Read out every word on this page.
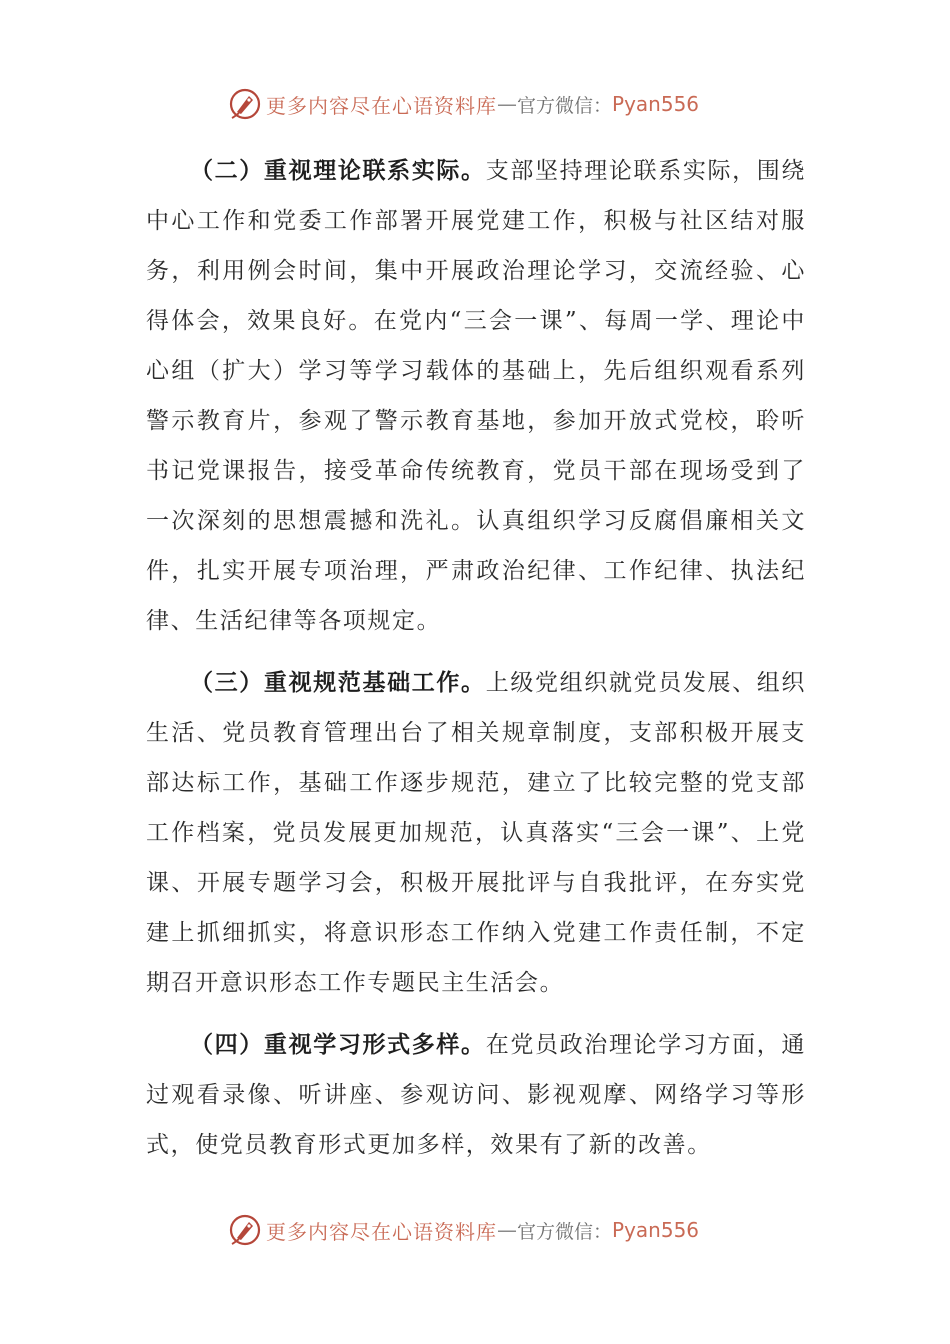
更多内容尽在心语资料库 — 官方微信： Pyan556

（二）重视理论联系实际。支部坚持理论联系实际，围绕中心工作和党委工作部署开展党建工作，积极与社区结对服务，利用例会时间，集中开展政治理论学习，交流经验、心得体会，效果良好。在党内“三会一课”、每周一学、理论中心组（扩大）学习等学习载体的基础上，先后组织观看系列警示教育片，参观了警示教育基地，参加开放式党校，聆听书记党课报告，接受革命传统教育，党员干部在现场受到了一次深刻的思想震撼和洗礼。认真组织学习反腐倡廉相关文件，扎实开展专项治理，严肃政治纪律、工作纪律、执法纪律、生活纪律等各项规定。

（三）重视规范基础工作。上级党组织就党员发展、组织生活、党员教育管理出台了相关规章制度，支部积极开展支部达标工作，基础工作逐步规范，建立了比较完整的党支部工作档案，党员发展更加规范，认真落实“三会一课”、上党课、开展专题学习会，积极开展批评与自我批评，在夯实党建上抓细抓实，将意识形态工作纳入党建工作责任制，不定期召开意识形态工作专题民主生活会。

（四）重视学习形式多样。在党员政治理论学习方面，通过观看录像、听讲座、参观访问、影视观摩、网络学习等形式，使党员教育形式更加多样，效果有了新的改善。

更多内容尽在心语资料库 — 官方微信： Pyan556
